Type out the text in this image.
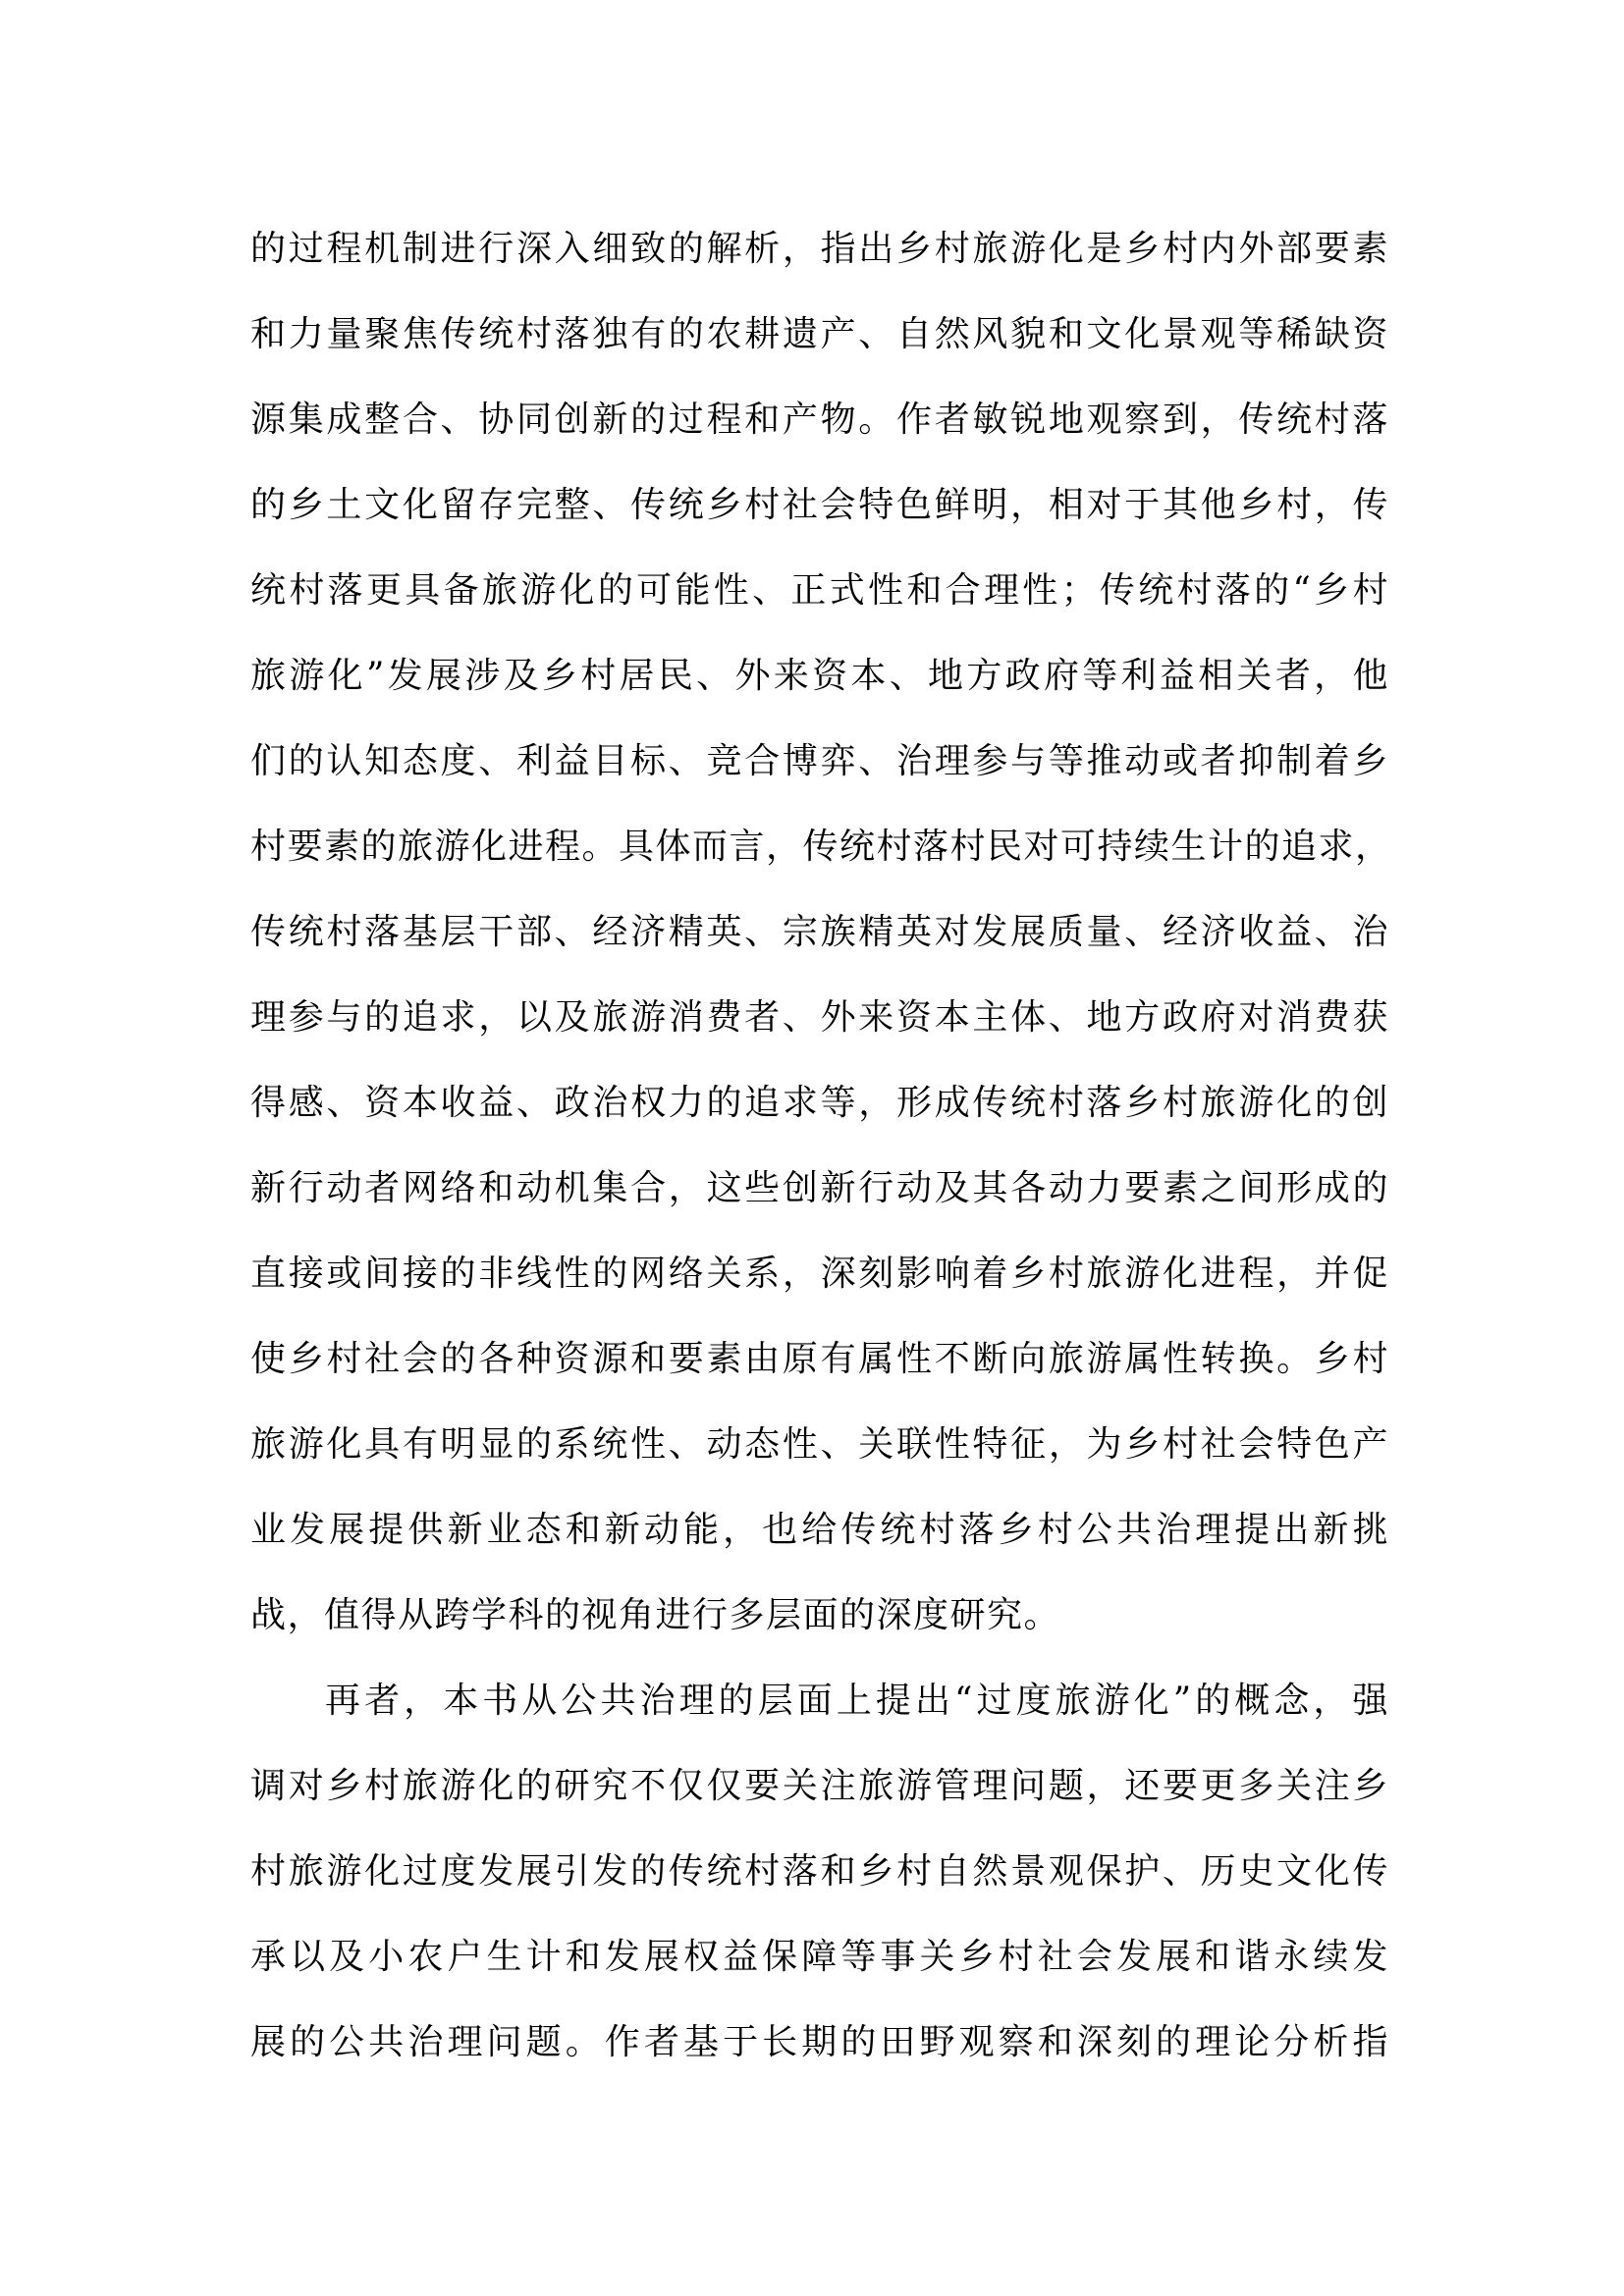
的过程机制进行深入细致的解析，指出乡村旅游化是乡村内外部要素
和力量聚焦传统村落独有的农耕遗产、自然风貌和文化景观等稀缺资
源集成整合、协同创新的过程和产物。作者敏锐地观察到，传统村落
的乡土文化留存完整、传统乡村社会特色鲜明，相对于其他乡村，传
统村落更具备旅游化的可能性、正式性和合理性；传统村落的“乡村
旅游化”发展涉及乡村居民、外来资本、地方政府等利益相关者，他
们的认知态度、利益目标、竞合博弈、治理参与等推动或者抑制着乡
村要素的旅游化进程。具体而言，传统村落村民对可持续生计的追求，
传统村落基层干部、经济精英、宗族精英对发展质量、经济收益、治
理参与的追求，以及旅游消费者、外来资本主体、地方政府对消费获
得感、资本收益、政治权力的追求等，形成传统村落乡村旅游化的创
新行动者网络和动机集合，这些创新行动及其各动力要素之间形成的
直接或间接的非线性的网络关系，深刻影响着乡村旅游化进程，并促
使乡村社会的各种资源和要素由原有属性不断向旅游属性转换。乡村
旅游化具有明显的系统性、动态性、关联性特征，为乡村社会特色产
业发展提供新业态和新动能，也给传统村落乡村公共治理提出新挑
战，值得从跨学科的视角进行多层面的深度研究。
再者，本书从公共治理的层面上提出“过度旅游化”的概念，强
调对乡村旅游化的研究不仅仅要关注旅游管理问题，还要更多关注乡
村旅游化过度发展引发的传统村落和乡村自然景观保护、历史文化传
承以及小农户生计和发展权益保障等事关乡村社会发展和谐永续发
展的公共治理问题。作者基于长期的田野观察和深刻的理论分析指
